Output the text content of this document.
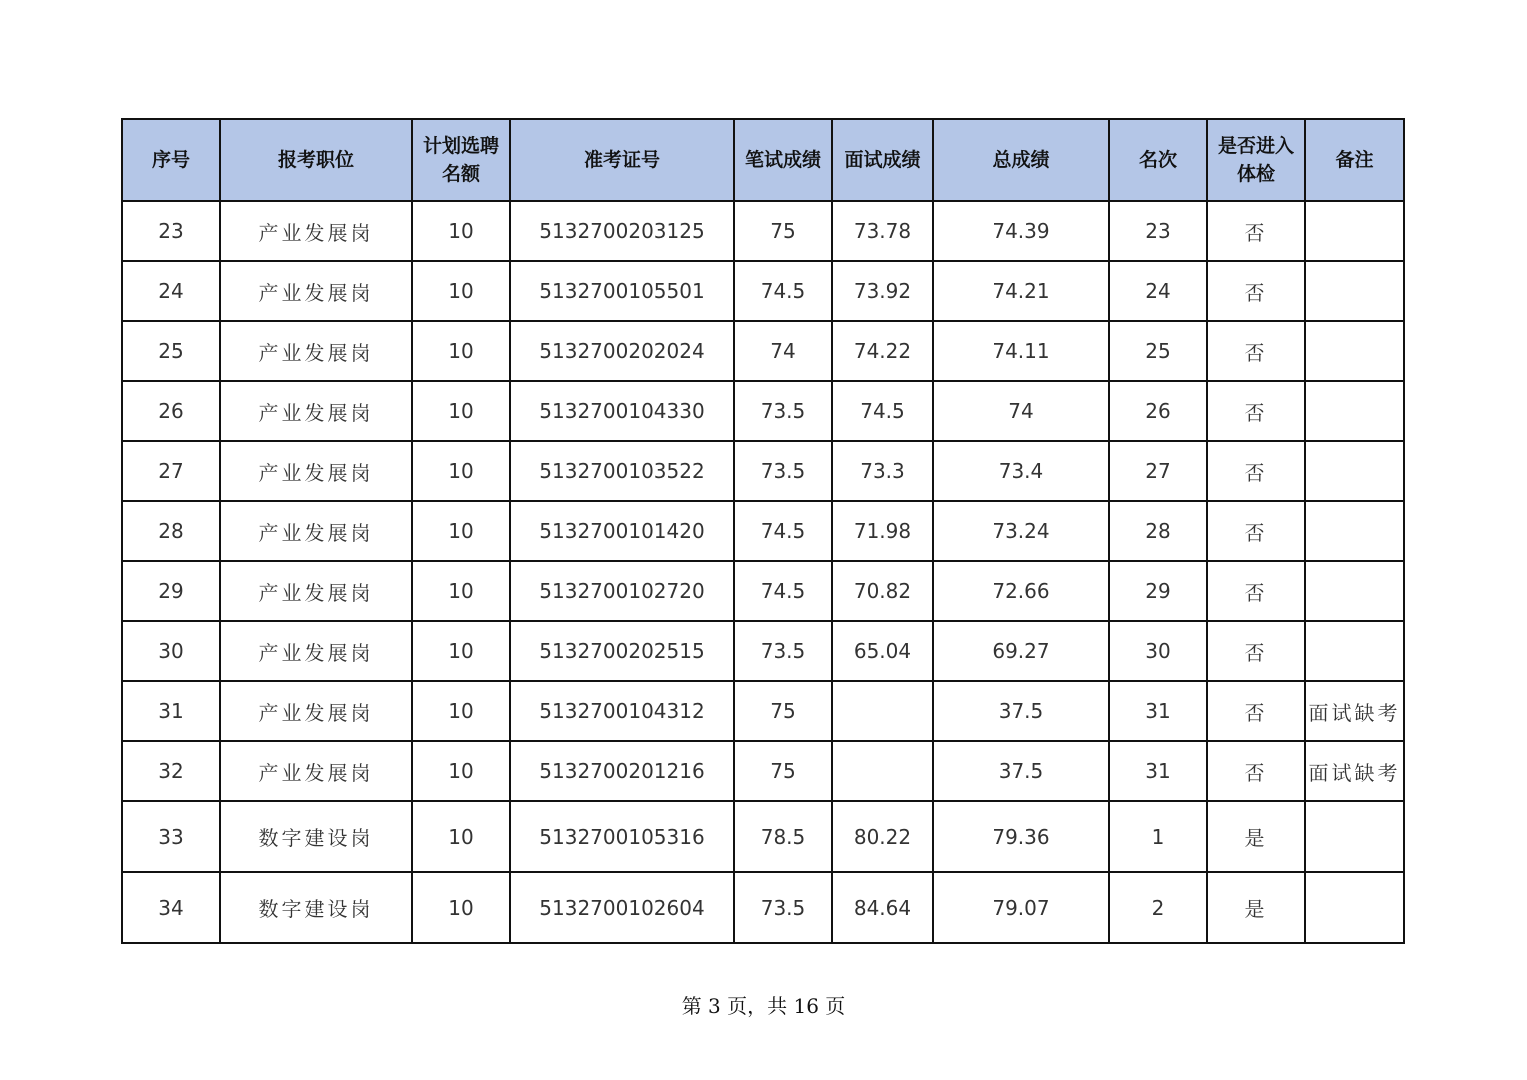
序号	报考职位	计划选聘名额	准考证号	笔试成绩	面试成绩	总成绩	名次	是否进入体检	备注
23	产业发展岗	10	5132700203125	75	73.78	74.39	23	否	
24	产业发展岗	10	5132700105501	74.5	73.92	74.21	24	否	
25	产业发展岗	10	5132700202024	74	74.22	74.11	25	否	
26	产业发展岗	10	5132700104330	73.5	74.5	74	26	否	
27	产业发展岗	10	5132700103522	73.5	73.3	73.4	27	否	
28	产业发展岗	10	5132700101420	74.5	71.98	73.24	28	否	
29	产业发展岗	10	5132700102720	74.5	70.82	72.66	29	否	
30	产业发展岗	10	5132700202515	73.5	65.04	69.27	30	否	
31	产业发展岗	10	5132700104312	75		37.5	31	否	面试缺考
32	产业发展岗	10	5132700201216	75		37.5	31	否	面试缺考
33	数字建设岗	10	5132700105316	78.5	80.22	79.36	1	是	
34	数字建设岗	10	5132700102604	73.5	84.64	79.07	2	是	
第 3 页，共 16 页
